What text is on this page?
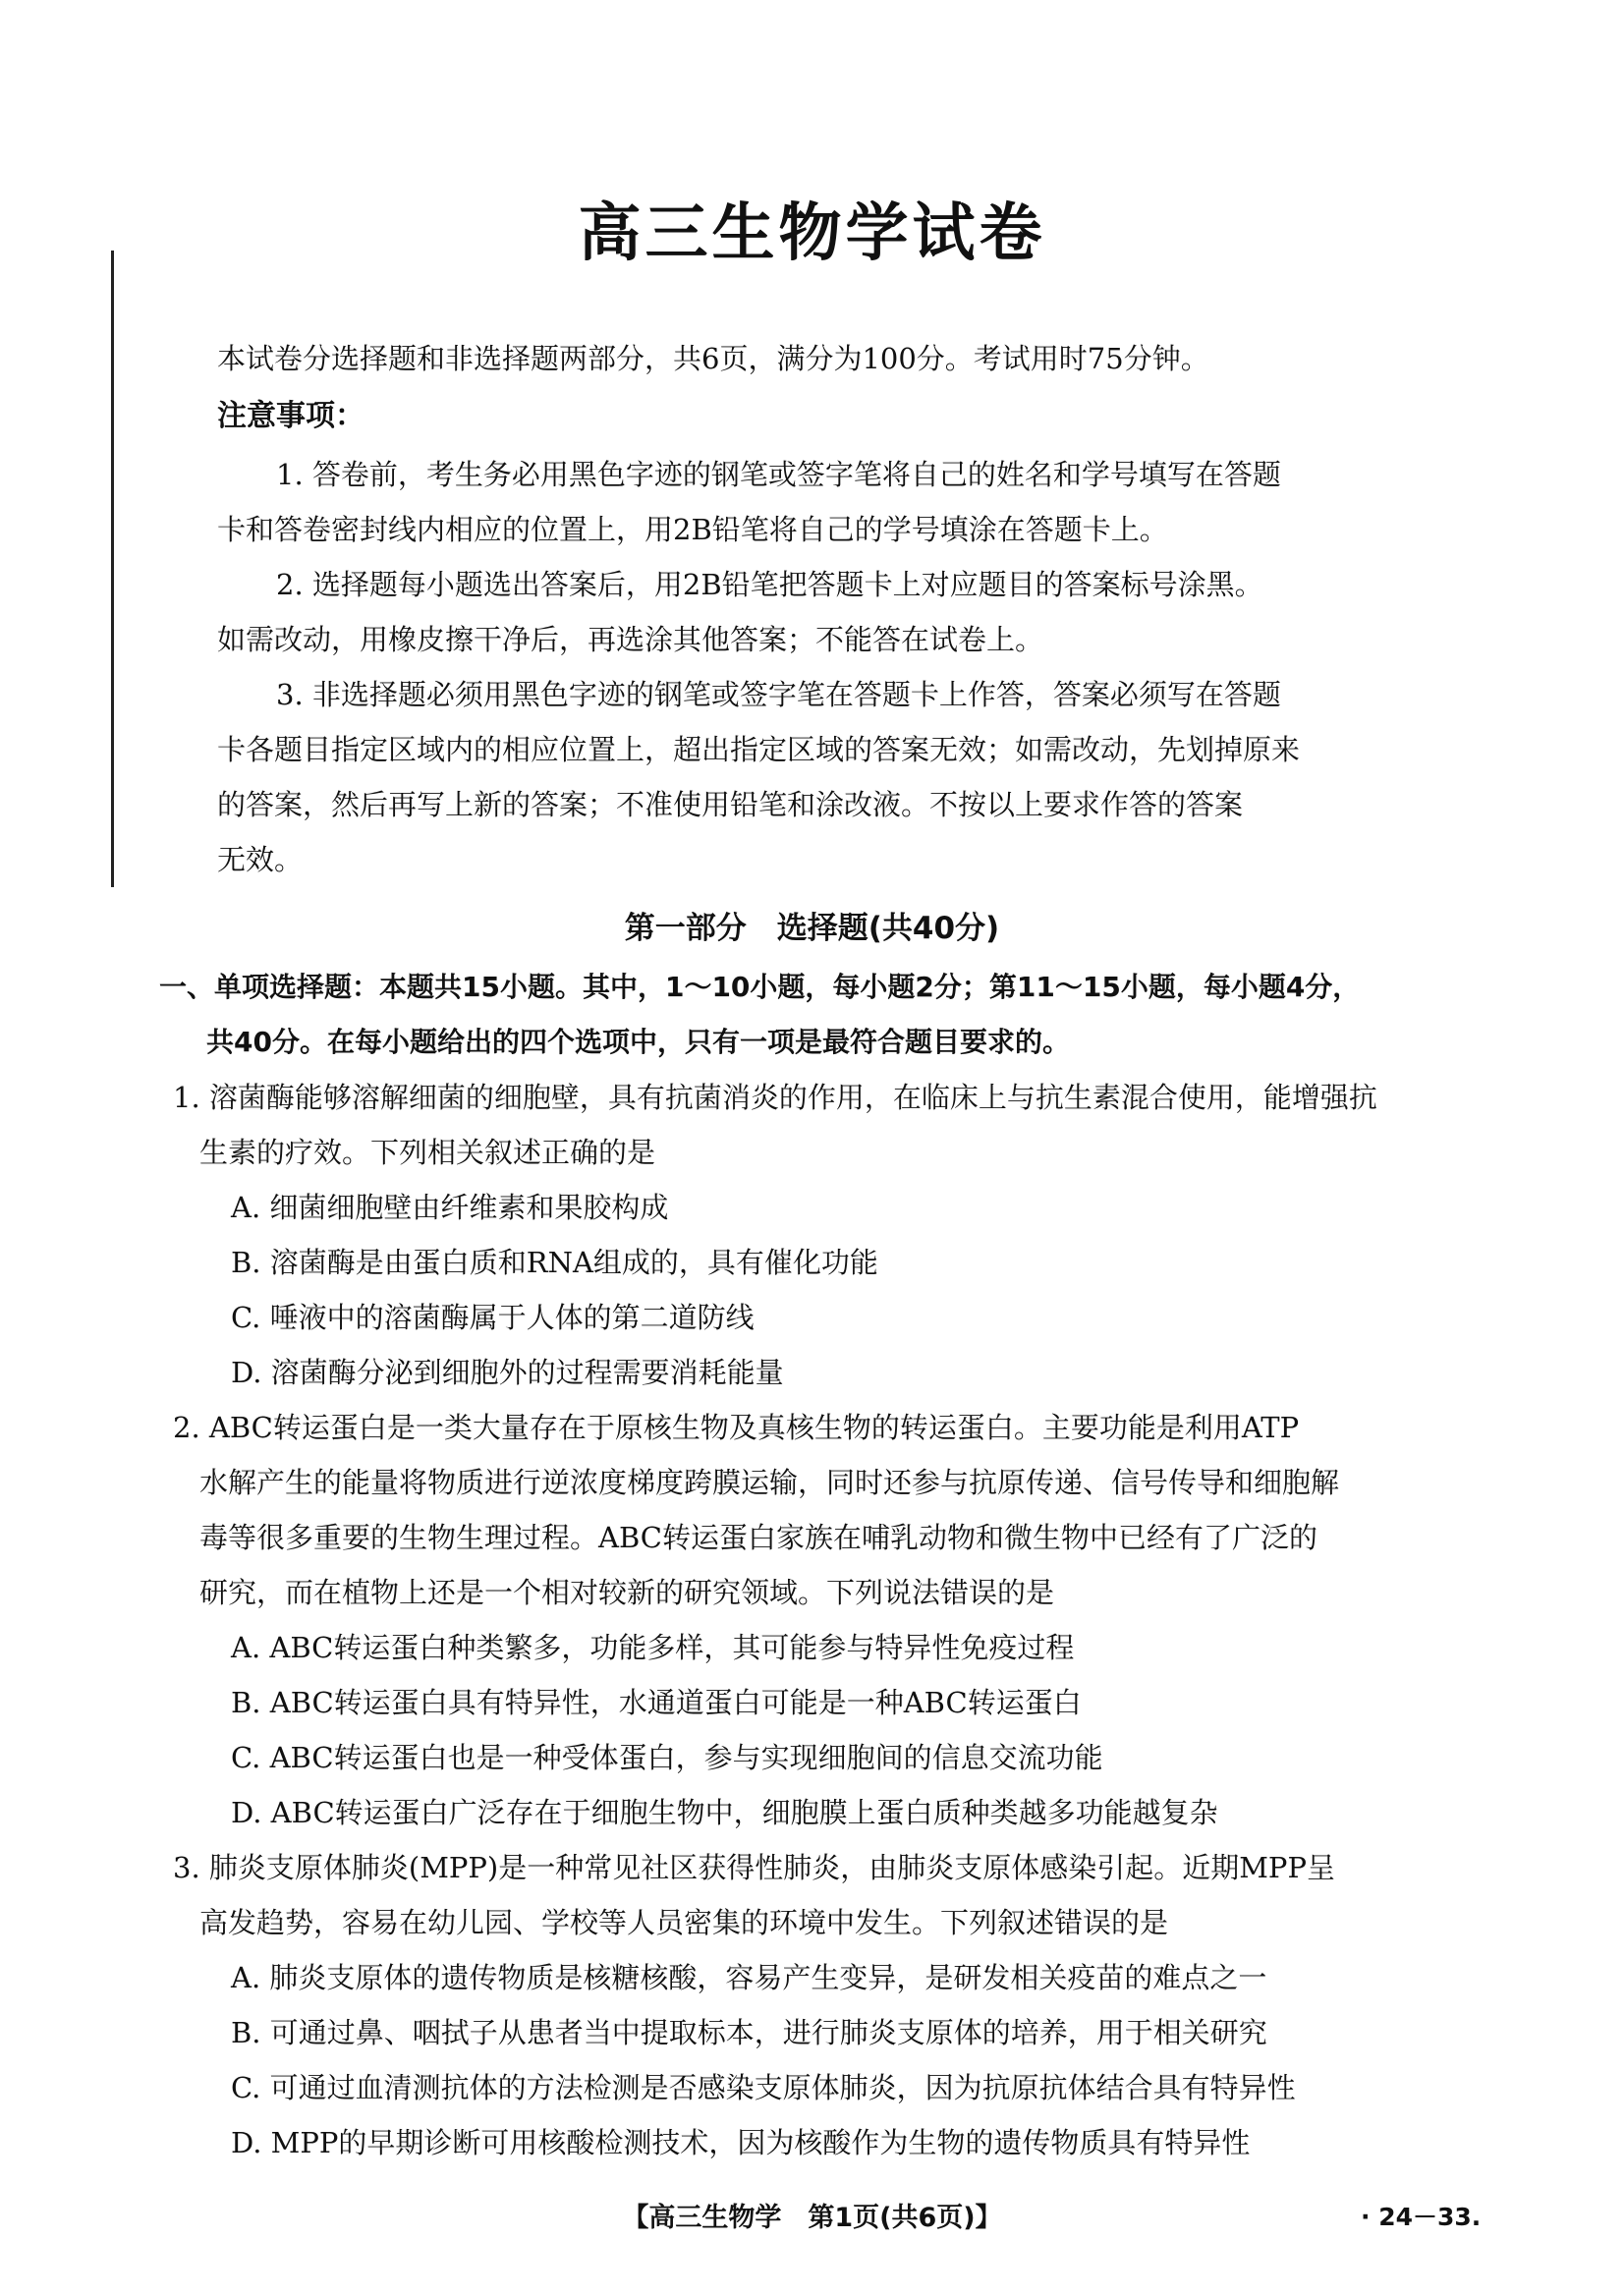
高三生物学试卷

本试卷分选择题和非选择题两部分，共6页，满分为100分。考试用时75分钟。

注意事项：

1. 答卷前，考生务必用黑色字迹的钢笔或签字笔将自己的姓名和学号填写在答题

卡和答卷密封线内相应的位置上，用2B铅笔将自己的学号填涂在答题卡上。

2. 选择题每小题选出答案后，用2B铅笔把答题卡上对应题目的答案标号涂黑。

如需改动，用橡皮擦干净后，再选涂其他答案；不能答在试卷上。

3. 非选择题必须用黑色字迹的钢笔或签字笔在答题卡上作答，答案必须写在答题

卡各题目指定区域内的相应位置上，超出指定区域的答案无效；如需改动，先划掉原来

的答案，然后再写上新的答案；不准使用铅笔和涂改液。不按以上要求作答的答案

无效。

第一部分　选择题(共40分)

一、单项选择题：本题共15小题。其中，1～10小题，每小题2分；第11～15小题，每小题4分，

共40分。在每小题给出的四个选项中，只有一项是最符合题目要求的。

1. 溶菌酶能够溶解细菌的细胞壁，具有抗菌消炎的作用，在临床上与抗生素混合使用，能增强抗

生素的疗效。下列相关叙述正确的是

A. 细菌细胞壁由纤维素和果胶构成

B. 溶菌酶是由蛋白质和RNA组成的，具有催化功能

C. 唾液中的溶菌酶属于人体的第二道防线

D. 溶菌酶分泌到细胞外的过程需要消耗能量

2. ABC转运蛋白是一类大量存在于原核生物及真核生物的转运蛋白。主要功能是利用ATP

水解产生的能量将物质进行逆浓度梯度跨膜运输，同时还参与抗原传递、信号传导和细胞解

毒等很多重要的生物生理过程。ABC转运蛋白家族在哺乳动物和微生物中已经有了广泛的

研究，而在植物上还是一个相对较新的研究领域。下列说法错误的是

A. ABC转运蛋白种类繁多，功能多样，其可能参与特异性免疫过程

B. ABC转运蛋白具有特异性，水通道蛋白可能是一种ABC转运蛋白

C. ABC转运蛋白也是一种受体蛋白，参与实现细胞间的信息交流功能

D. ABC转运蛋白广泛存在于细胞生物中，细胞膜上蛋白质种类越多功能越复杂

3. 肺炎支原体肺炎(MPP)是一种常见社区获得性肺炎，由肺炎支原体感染引起。近期MPP呈

高发趋势，容易在幼儿园、学校等人员密集的环境中发生。下列叙述错误的是

A. 肺炎支原体的遗传物质是核糖核酸，容易产生变异，是研发相关疫苗的难点之一

B. 可通过鼻、咽拭子从患者当中提取标本，进行肺炎支原体的培养，用于相关研究

C. 可通过血清测抗体的方法检测是否感染支原体肺炎，因为抗原抗体结合具有特异性

D. MPP的早期诊断可用核酸检测技术，因为核酸作为生物的遗传物质具有特异性

【高三生物学　第1页(共6页)】	· 24－33.
